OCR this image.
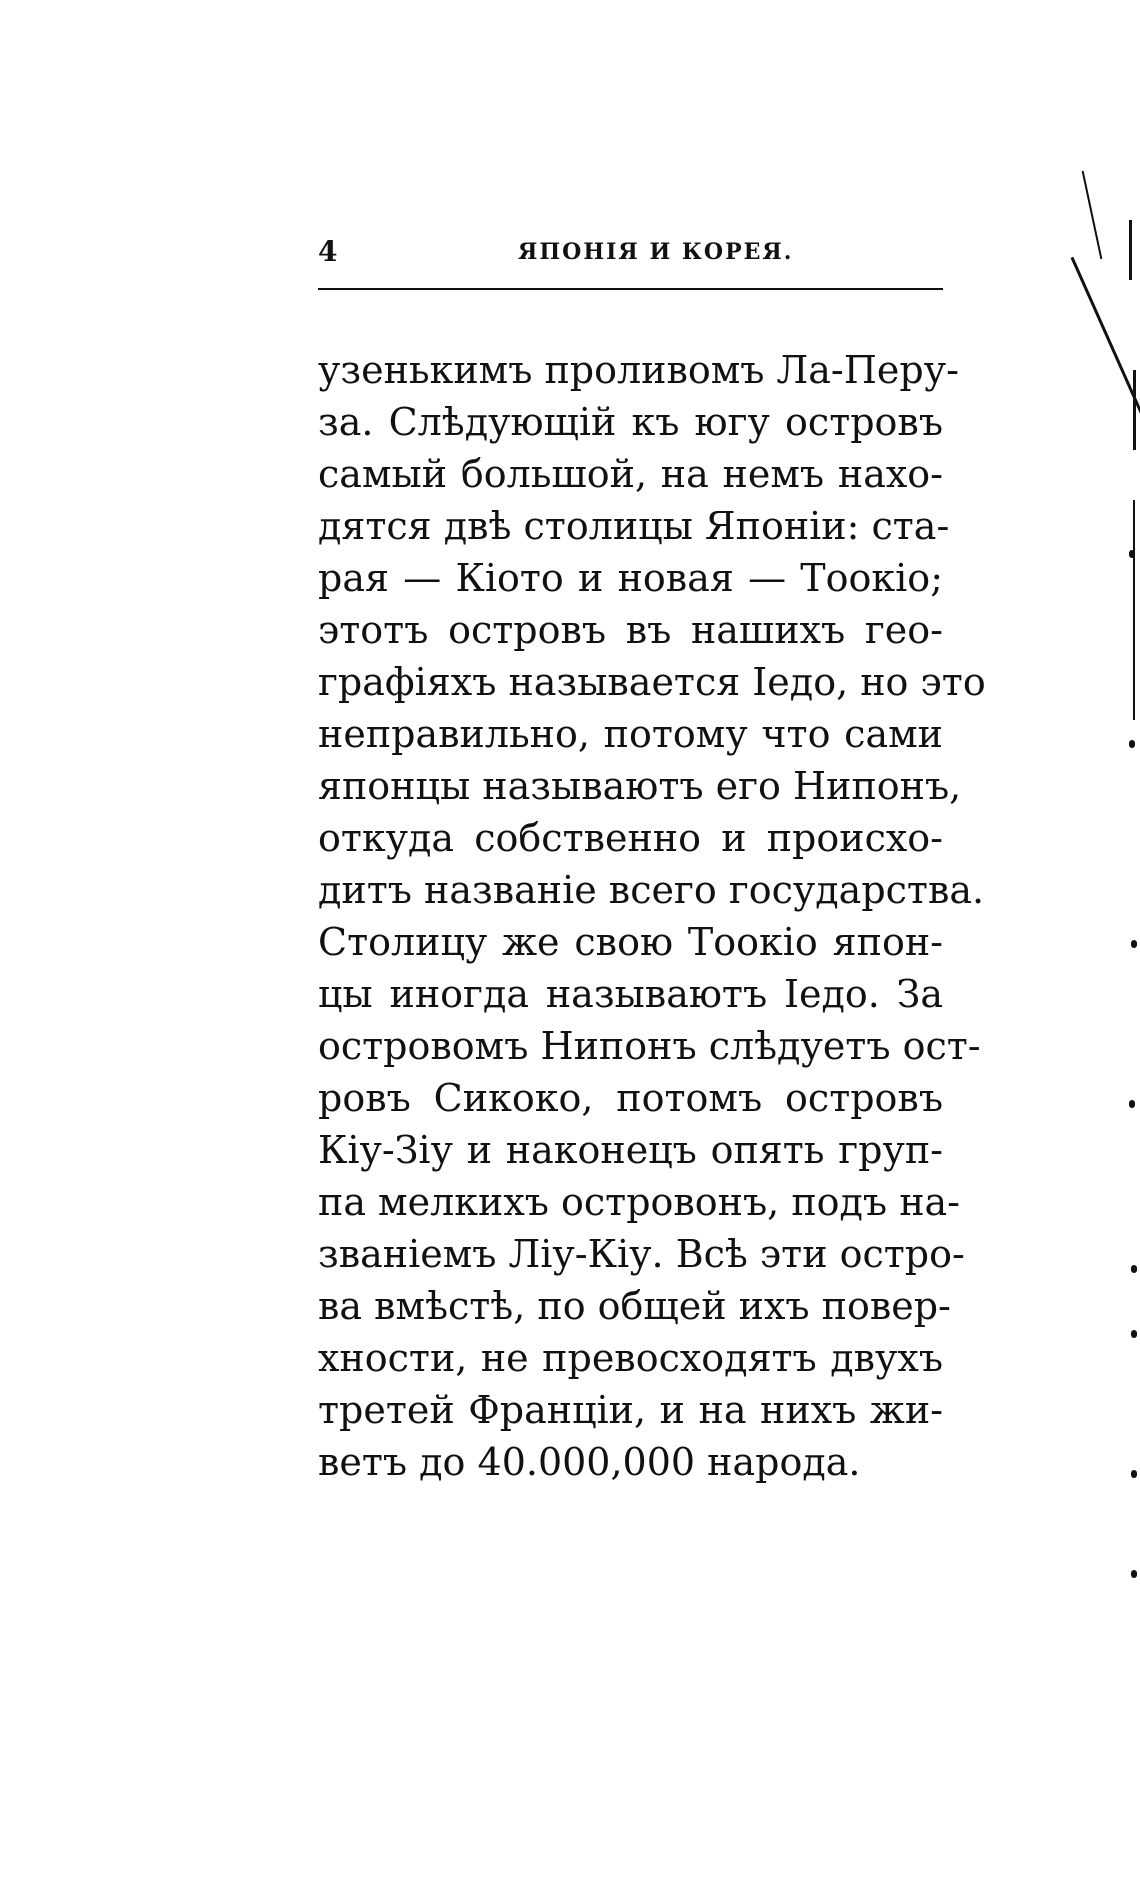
4	ЯПОНІЯ И КОРЕЯ.
узенькимъ проливомъ Ла-Перу-
за. Слѣдующій къ югу островъ
самый большой, на немъ нахо-
дятся двѣ столицы Японіи: ста-
рая — Кіото и новая — Тоокіо;
этотъ островъ въ нашихъ гео-
графіяхъ называется Іедо, но это
неправильно, потому что сами
японцы называютъ его Нипонъ,
откуда собственно и происхо-
дитъ названіе всего государства.
Столицу же свою Тоокіо япон-
цы иногда называютъ Іедо. За
островомъ Нипонъ слѣдуетъ ост-
ровъ Сикоко, потомъ островъ
Кіу-Зіу и наконецъ опять груп-
па мелкихъ островонъ, подъ на-
званіемъ Ліу-Кіу. Всѣ эти остро-
ва вмѣстѣ, по общей ихъ повер-
хности, не превосходятъ двухъ
третей Франціи, и на нихъ жи-
ветъ до 40.000,000 народа.
